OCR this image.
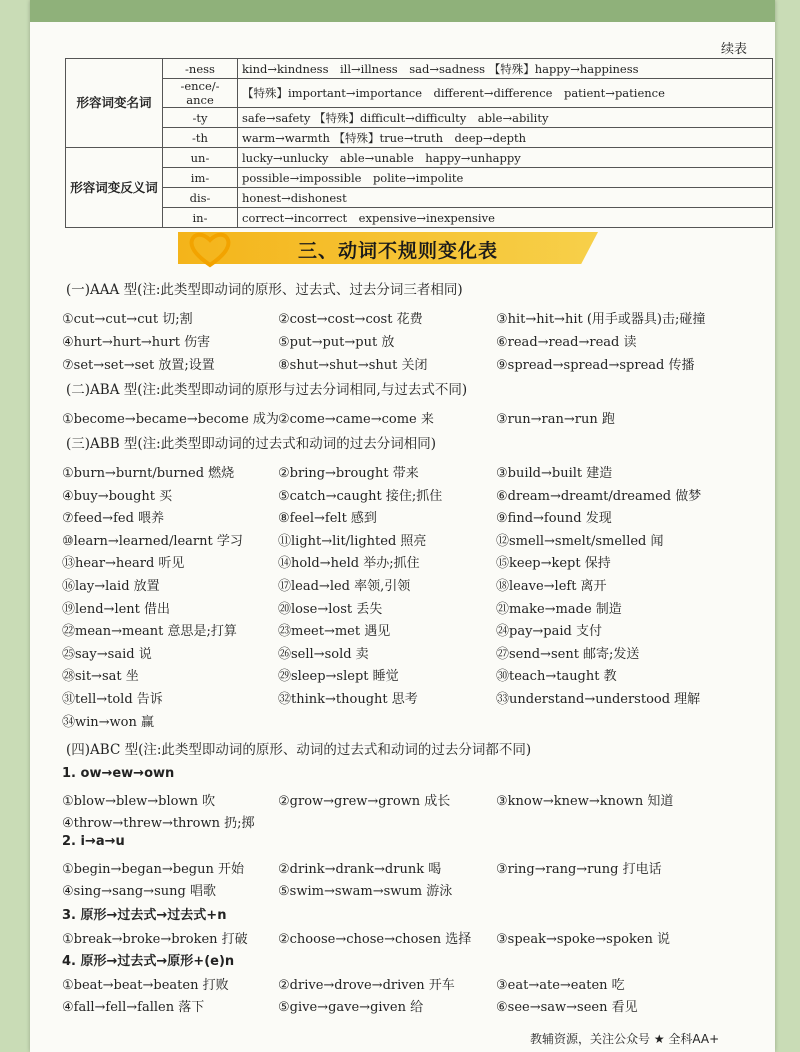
续表
形容词变名词	-ness	kind→kindness　ill→illness　sad→sadness 【特殊】happy→happiness
	-ence/-ance	【特殊】important→importance　different→difference　patient→patience
	-ty	safe→safety 【特殊】difficult→difficulty　able→ability
	-th	warm→warmth 【特殊】true→truth　deep→depth
形容词变反义词	un-	lucky→unlucky　able→unable　happy→unhappy
	im-	possible→impossible　polite→impolite
	dis-	honest→dishonest
	in-	correct→incorrect　expensive→inexpensive
三、动词不规则变化表
(一)AAA 型(注:此类型即动词的原形、过去式、过去分词三者相同)
①cut→cut→cut 切;割	②cost→cost→cost 花费	③hit→hit→hit (用手或器具)击;碰撞
④hurt→hurt→hurt 伤害	⑤put→put→put 放	⑥read→read→read 读
⑦set→set→set 放置;设置	⑧shut→shut→shut 关闭	⑨spread→spread→spread 传播
(二)ABA 型(注:此类型即动词的原形与过去分词相同,与过去式不同)
①become→became→become 成为 ②come→came→come 来	③run→ran→run 跑
(三)ABB 型(注:此类型即动词的过去式和动词的过去分词相同)
①burn→burnt/burned 燃烧	②bring→brought 带来	③build→built 建造
④buy→bought 买	⑤catch→caught 接住;抓住	⑥dream→dreamt/dreamed 做梦
⑦feed→fed 喂养	⑧feel→felt 感到	⑨find→found 发现
⑩learn→learned/learnt 学习	⑪light→lit/lighted 照亮	⑫smell→smelt/smelled 闻
⑬hear→heard 听见	⑭hold→held 举办;抓住	⑮keep→kept 保持
⑯lay→laid 放置	⑰lead→led 率领,引领	⑱leave→left 离开
⑲lend→lent 借出	⑳lose→lost 丢失	㉑make→made 制造
㉒mean→meant 意思是;打算	㉓meet→met 遇见	㉔pay→paid 支付
㉕say→said 说	㉖sell→sold 卖	㉗send→sent 邮寄;发送
㉘sit→sat 坐	㉙sleep→slept 睡觉	㉚teach→taught 教
㉛tell→told 告诉	㉜think→thought 思考	㉝understand→understood 理解
㉞win→won 赢
(四)ABC 型(注:此类型即动词的原形、动词的过去式和动词的过去分词都不同)
1. ow→ew→own
①blow→blew→blown 吹	②grow→grew→grown 成长	③know→knew→known 知道
④throw→threw→thrown 扔;掷
2. i→a→u
①begin→began→begun 开始	②drink→drank→drunk 喝	③ring→rang→rung 打电话
④sing→sang→sung 唱歌	⑤swim→swam→swum 游泳
3. 原形→过去式→过去式+n
①break→broke→broken 打破 ②choose→chose→chosen 选择 ③speak→spoke→spoken 说
4. 原形→过去式→原形+(e)n
①beat→beat→beaten 打败	②drive→drove→driven 开车	③eat→ate→eaten 吃
④fall→fell→fallen 落下	⑤give→gave→given 给	⑥see→saw→seen 看见
教辅资源，关注公众号 ★ 全科AA+
